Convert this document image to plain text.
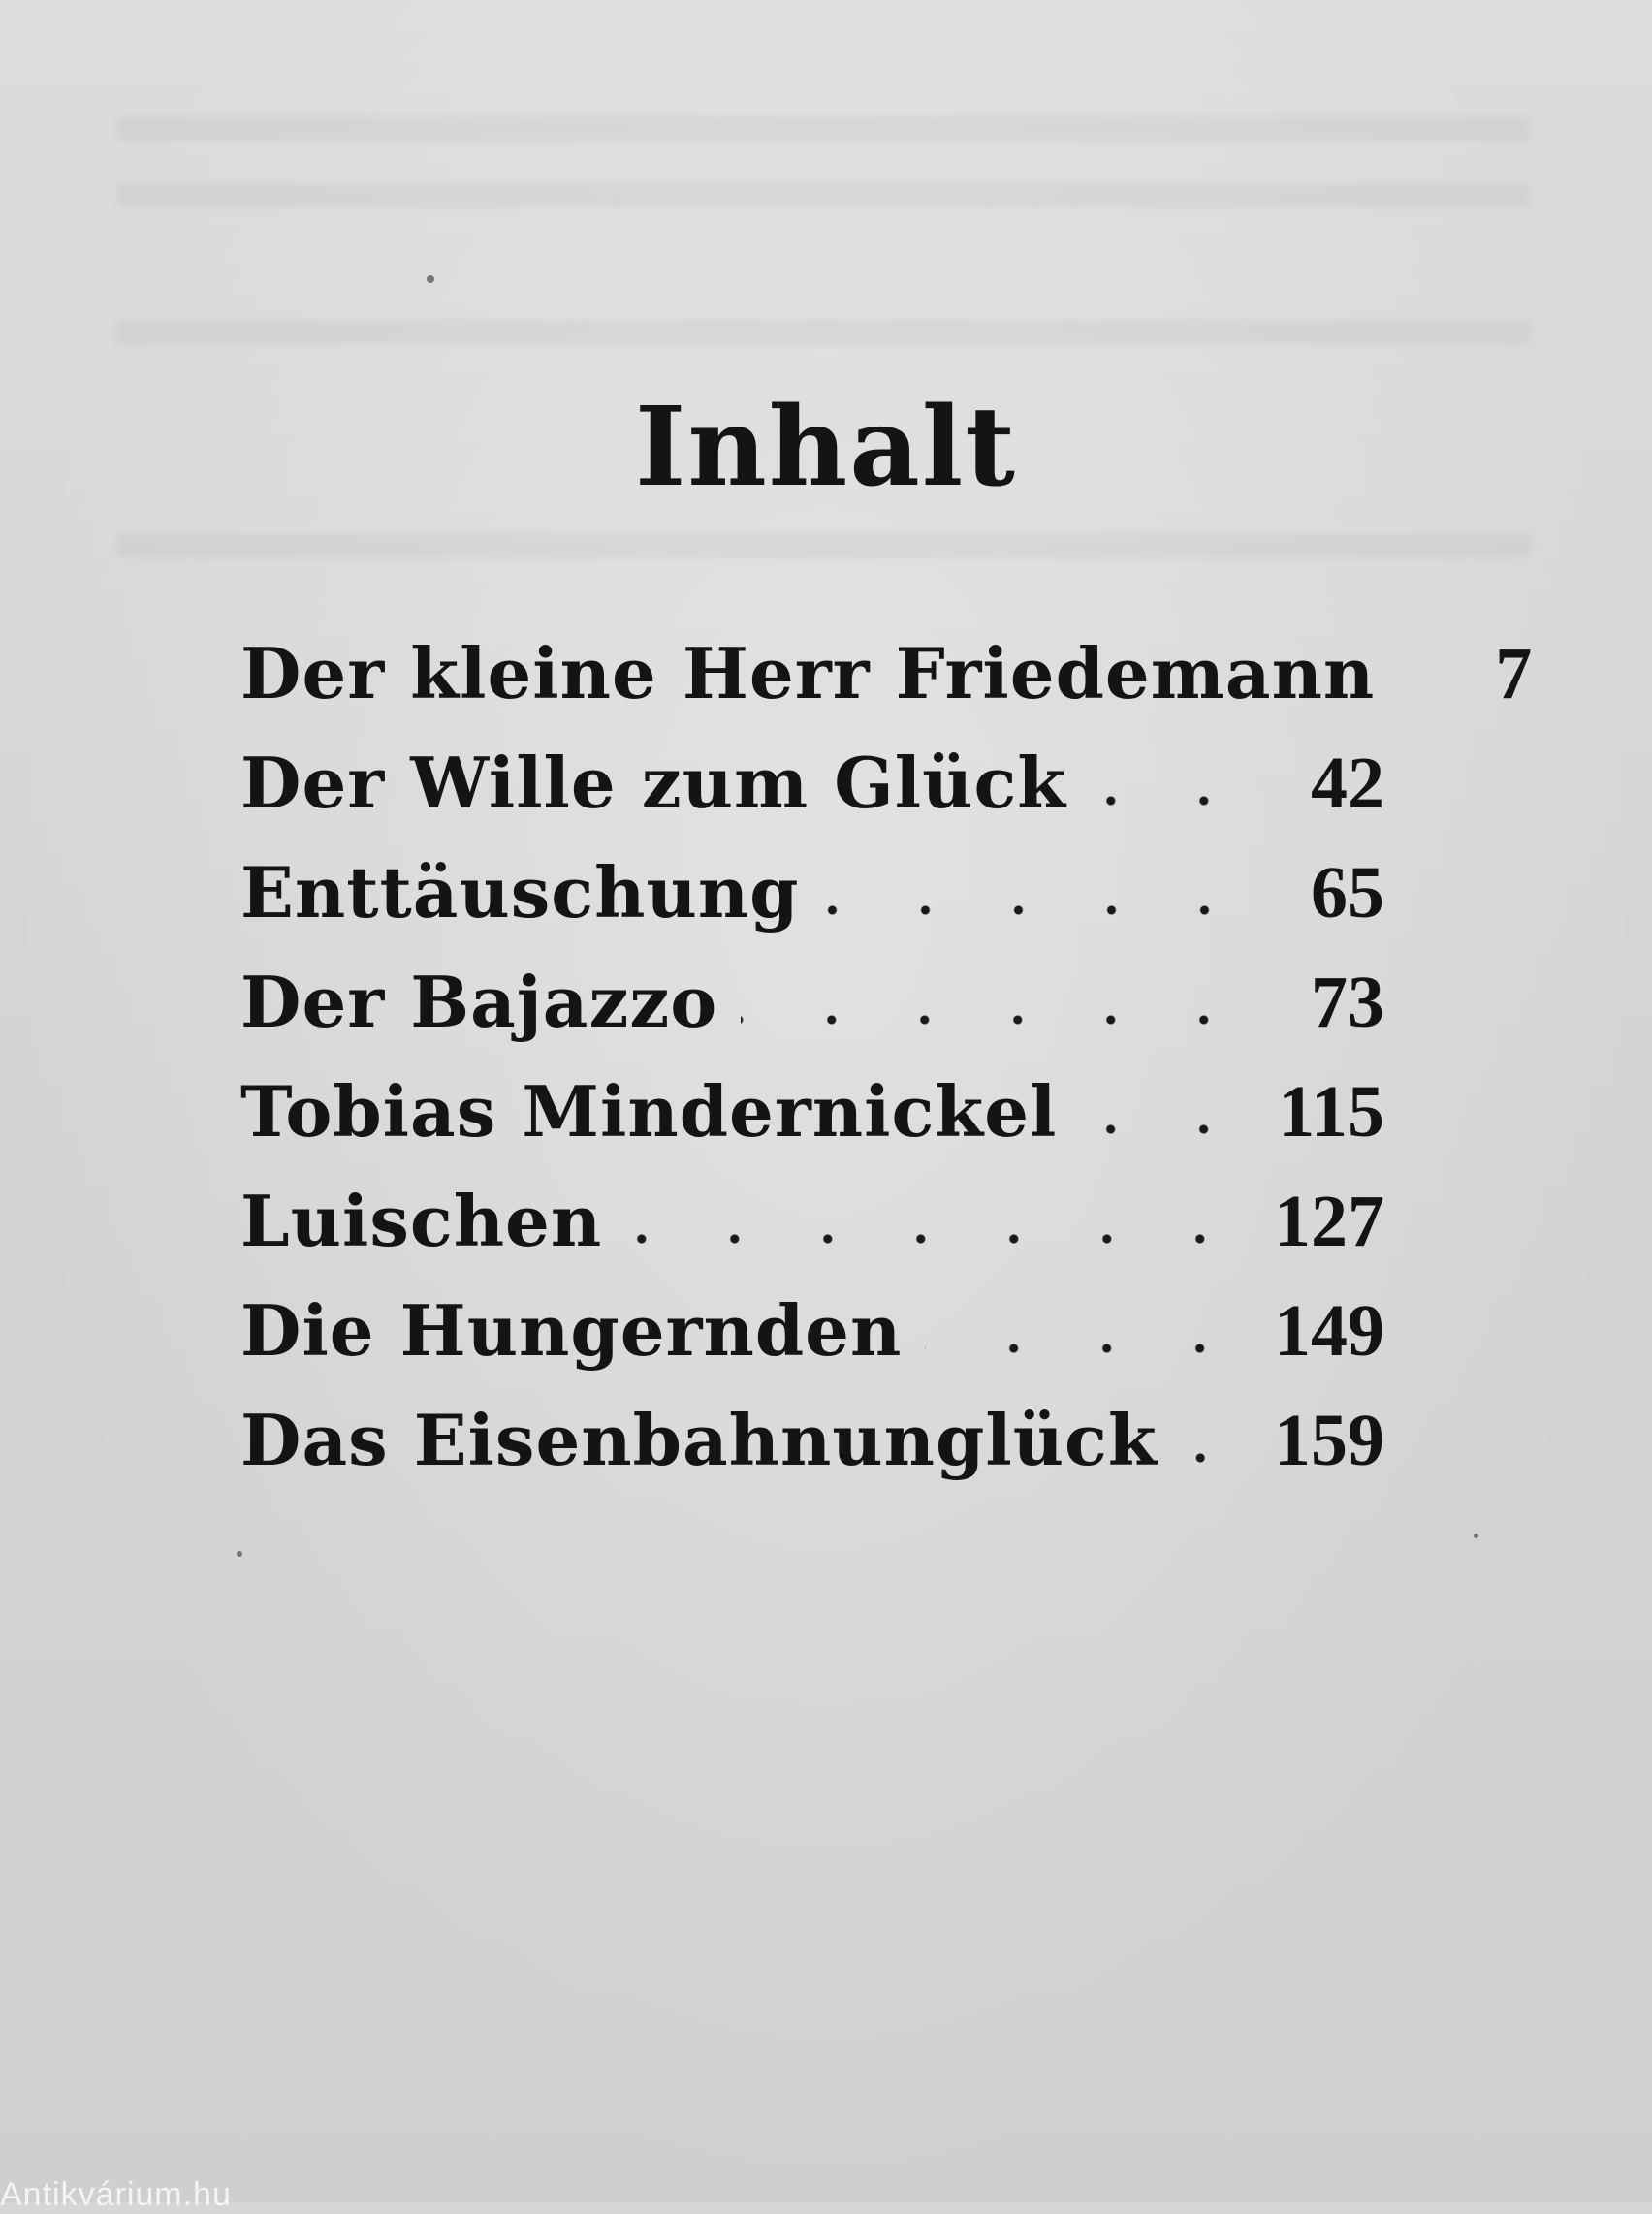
Inhalt
Der kleine Herr Friedemann	7
Der Wille zum Glück	42
Enttäuschung	65
Der Bajazzo	73
Tobias Mindernickel	115
Luischen	127
Die Hungernden	149
Das Eisenbahnunglück 159
Antikvárium.hu
